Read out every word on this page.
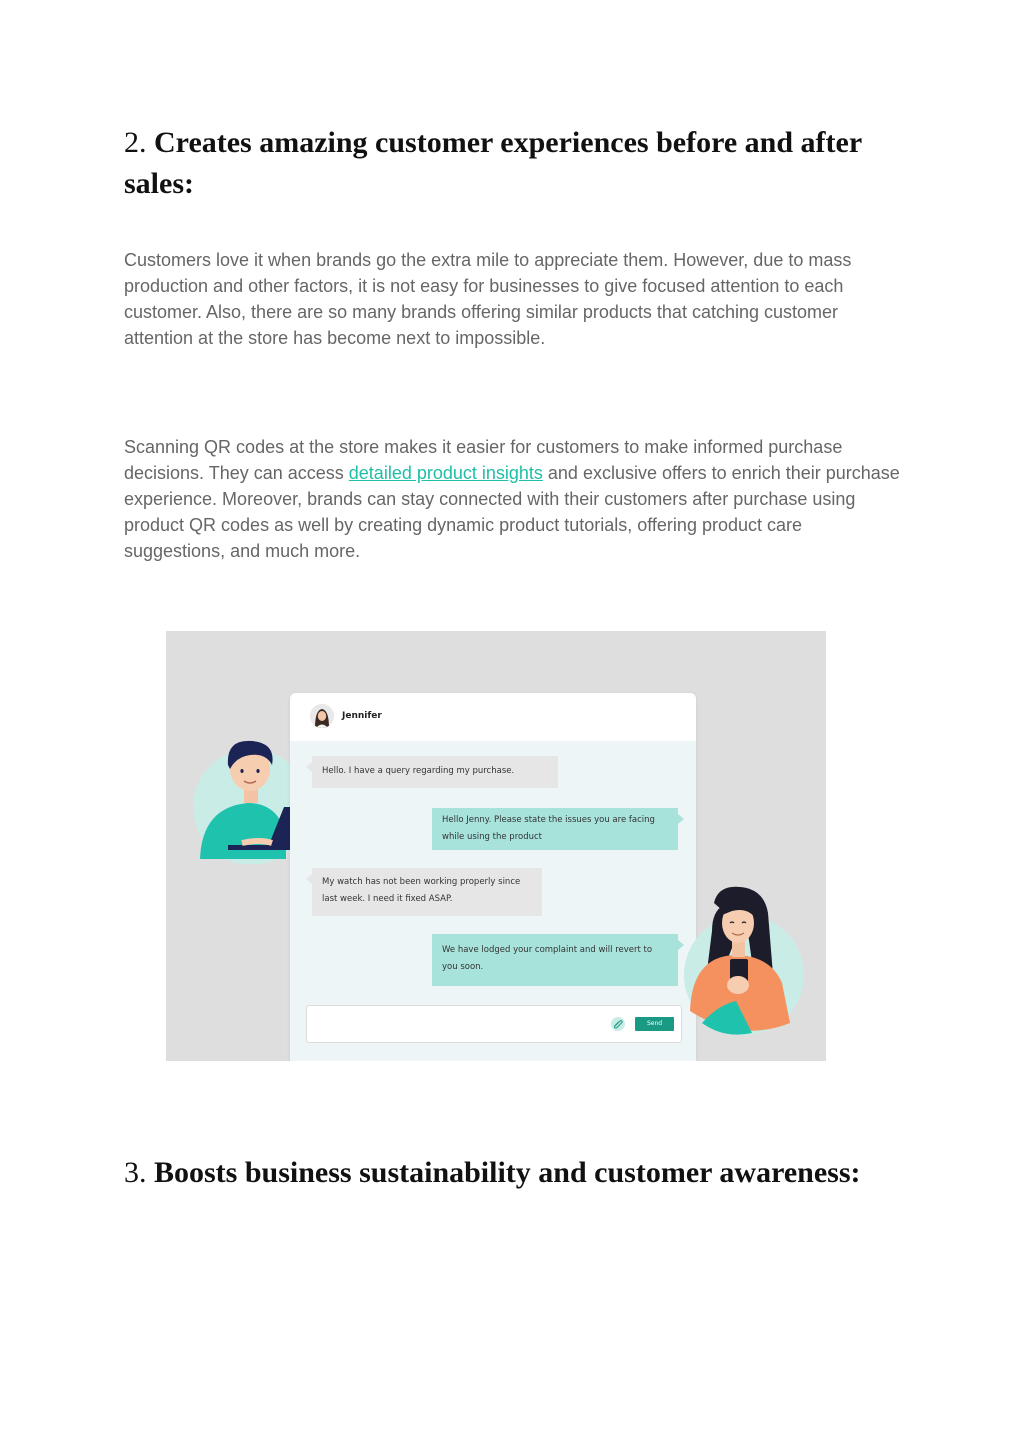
2. Creates amazing customer experiences before and after sales:

Customers love it when brands go the extra mile to appreciate them. However, due to mass production and other factors, it is not easy for businesses to give focused attention to each customer. Also, there are so many brands offering similar products that catching customer attention at the store has become next to impossible.

Scanning QR codes at the store makes it easier for customers to make informed purchase decisions. They can access detailed product insights and exclusive offers to enrich their purchase experience. Moreover, brands can stay connected with their customers after purchase using product QR codes as well by creating dynamic product tutorials, offering product care suggestions, and much more.

Jennifer
Hello. I have a query regarding my purchase.
Hello Jenny. Please state the issues you are facing while using the product
My watch has not been working properly since last week. I need it fixed ASAP.
We have lodged your complaint and will revert to you soon.
Send
3. Boosts business sustainability and customer awareness:
